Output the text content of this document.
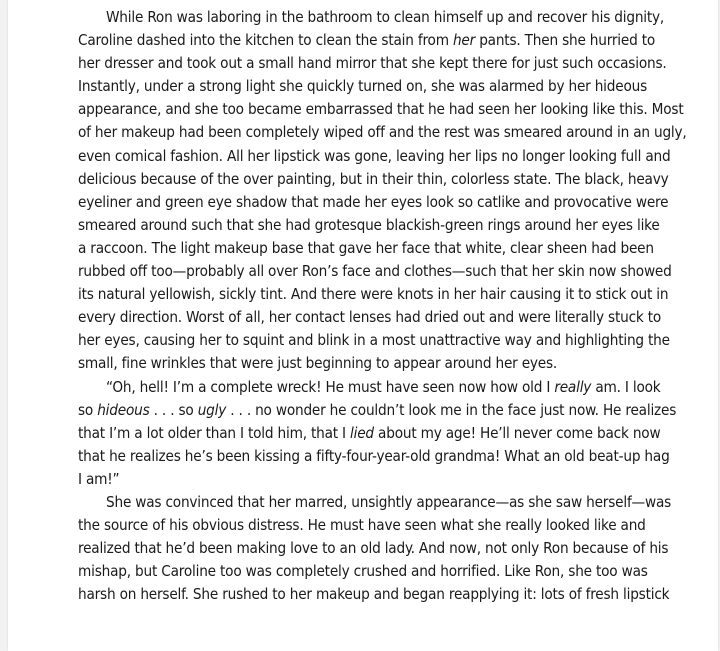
While Ron was laboring in the bathroom to clean himself up and recover his dignity,
Caroline dashed into the kitchen to clean the stain from her pants. Then she hurried to
her dresser and took out a small hand mirror that she kept there for just such occasions.
Instantly, under a strong light she quickly turned on, she was alarmed by her hideous
appearance, and she too became embarrassed that he had seen her looking like this. Most
of her makeup had been completely wiped off and the rest was smeared around in an ugly,
even comical fashion. All her lipstick was gone, leaving her lips no longer looking full and
delicious because of the over painting, but in their thin, colorless state. The black, heavy
eyeliner and green eye shadow that made her eyes look so catlike and provocative were
smeared around such that she had grotesque blackish-green rings around her eyes like
a raccoon. The light makeup base that gave her face that white, clear sheen had been
rubbed off too—probably all over Ron’s face and clothes—such that her skin now showed
its natural yellowish, sickly tint. And there were knots in her hair causing it to stick out in
every direction. Worst of all, her contact lenses had dried out and were literally stuck to
her eyes, causing her to squint and blink in a most unattractive way and highlighting the
small, fine wrinkles that were just beginning to appear around her eyes.
“Oh, hell! I’m a complete wreck! He must have seen now how old I really am. I look
so hideous . . . so ugly . . . no wonder he couldn’t look me in the face just now. He realizes
that I’m a lot older than I told him, that I lied about my age! He’ll never come back now
that he realizes he’s been kissing a fifty-four-year-old grandma! What an old beat-up hag
I am!”
She was convinced that her marred, unsightly appearance—as she saw herself—was
the source of his obvious distress. He must have seen what she really looked like and
realized that he’d been making love to an old lady. And now, not only Ron because of his
mishap, but Caroline too was completely crushed and horrified. Like Ron, she too was
harsh on herself. She rushed to her makeup and began reapplying it: lots of fresh lipstick
